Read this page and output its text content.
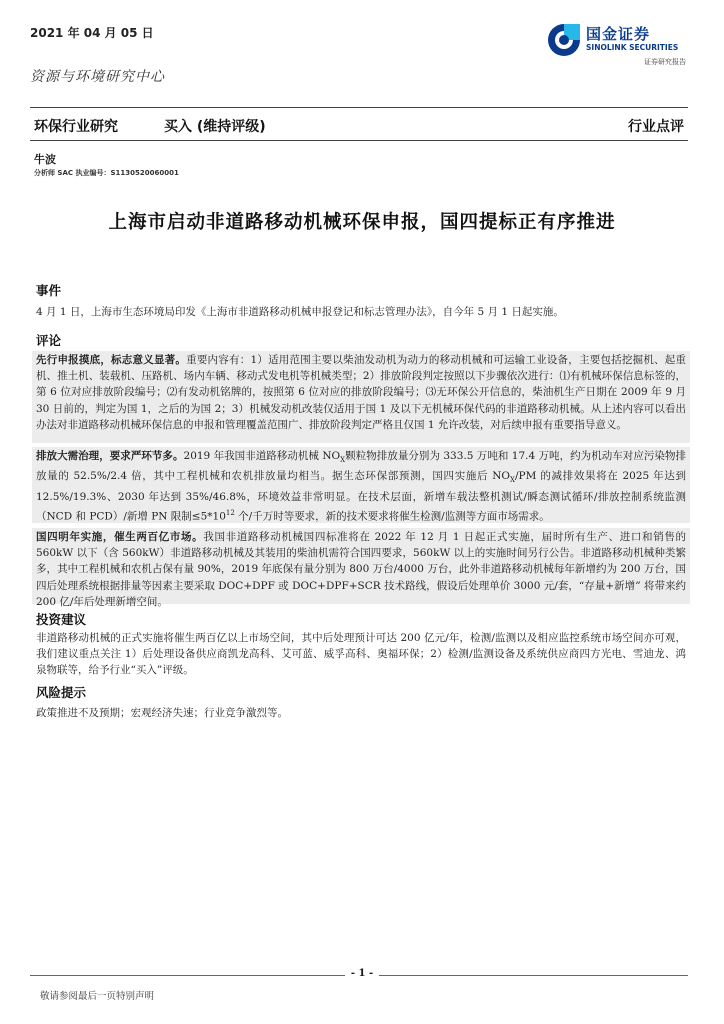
2021 年 04 月 05 日	国金证券
SINOLINK SECURITIES
证券研究报告
资源与环境研究中心
环保行业研究	买入 (维持评级)	行业点评
牛波
分析师 SAC 执业编号：S1130520060001
上海市启动非道路移动机械环保申报，国四提标正有序推进
事件
4 月 1 日，上海市生态环境局印发《上海市非道路移动机械申报登记和标志管理办法》，自今年 5 月 1 日起实施。
评论
先行申报摸底，标志意义显著。重要内容有：1）适用范围主要以柴油发动机为动力的移动机械和可运输工业设备，主要包括挖掘机、起重机、推土机、装载机、压路机、场内车辆、移动式发电机等机械类型；2）排放阶段判定按照以下步骤依次进行：⑴有机械环保信息标签的，第 6 位对应排放阶段编号；⑵有发动机铭牌的，按照第 6 位对应的排放阶段编号；⑶无环保公开信息的，柴油机生产日期在 2009 年 9 月 30 日前的，判定为国 1，之后的为国 2；3）机械发动机改装仅适用于国 1 及以下无机械环保代码的非道路移动机械。从上述内容可以看出办法对非道路移动机械环保信息的申报和管理覆盖范围广、排放阶段判定严格且仅国 1 允许改装，对后续申报有重要指导意义。
排放大需治理，要求严环节多。2019 年我国非道路移动机械 $NO_X$颗粒物排放量分别为 333.5 万吨和 17.4 万吨，约为机动车对应污染物排放量的 52.5%/2.4 倍，其中工程机械和农机排放量均相当。据生态环保部预测，国四实施后 $NO_X/PM$ 的减排效果将在 2025 年达到 12.5%/19.3%、2030 年达到 35%/46.8%，环境效益非常明显。在技术层面，新增车载法整机测试/瞬态测试循环/排放控制系统监测（NCD 和 PCD）/新增 PN 限制$\le 5*10^{12}$ 个/千万时等要求，新的技术要求将催生检测/监测等方面市场需求。
国四明年实施，催生两百亿市场。我国非道路移动机械国四标准将在 2022 年 12 月 1 日起正式实施，届时所有生产、进口和销售的 560kW 以下（含 560kW）非道路移动机械及其装用的柴油机需符合国四要求，560kW 以上的实施时间另行公告。非道路移动机械种类繁多，其中工程机械和农机占保有量 90%，2019 年底保有量分别为 800 万台/4000 万台，此外非道路移动机械每年新增约为 200 万台，国四后处理系统根据排量等因素主要采取 DOC+DPF 或 DOC+DPF+SCR 技术路线，假设后处理单价 3000 元/套，“存量+新增” 将带来约 200 亿/年后处理新增空间。
投资建议
非道路移动机械的正式实施将催生两百亿以上市场空间，其中后处理预计可达 200 亿元/年，检测/监测以及相应监控系统市场空间亦可观，我们建议重点关注 1）后处理设备供应商凯龙高科、艾可蓝、威孚高科、奥福环保；2）检测/监测设备及系统供应商四方光电、雪迪龙、鸿泉物联等，给予行业“买入”评级。
风险提示
政策推进不及预期；宏观经济失速；行业竞争激烈等。
- 1 -
敬请参阅最后一页特别声明
